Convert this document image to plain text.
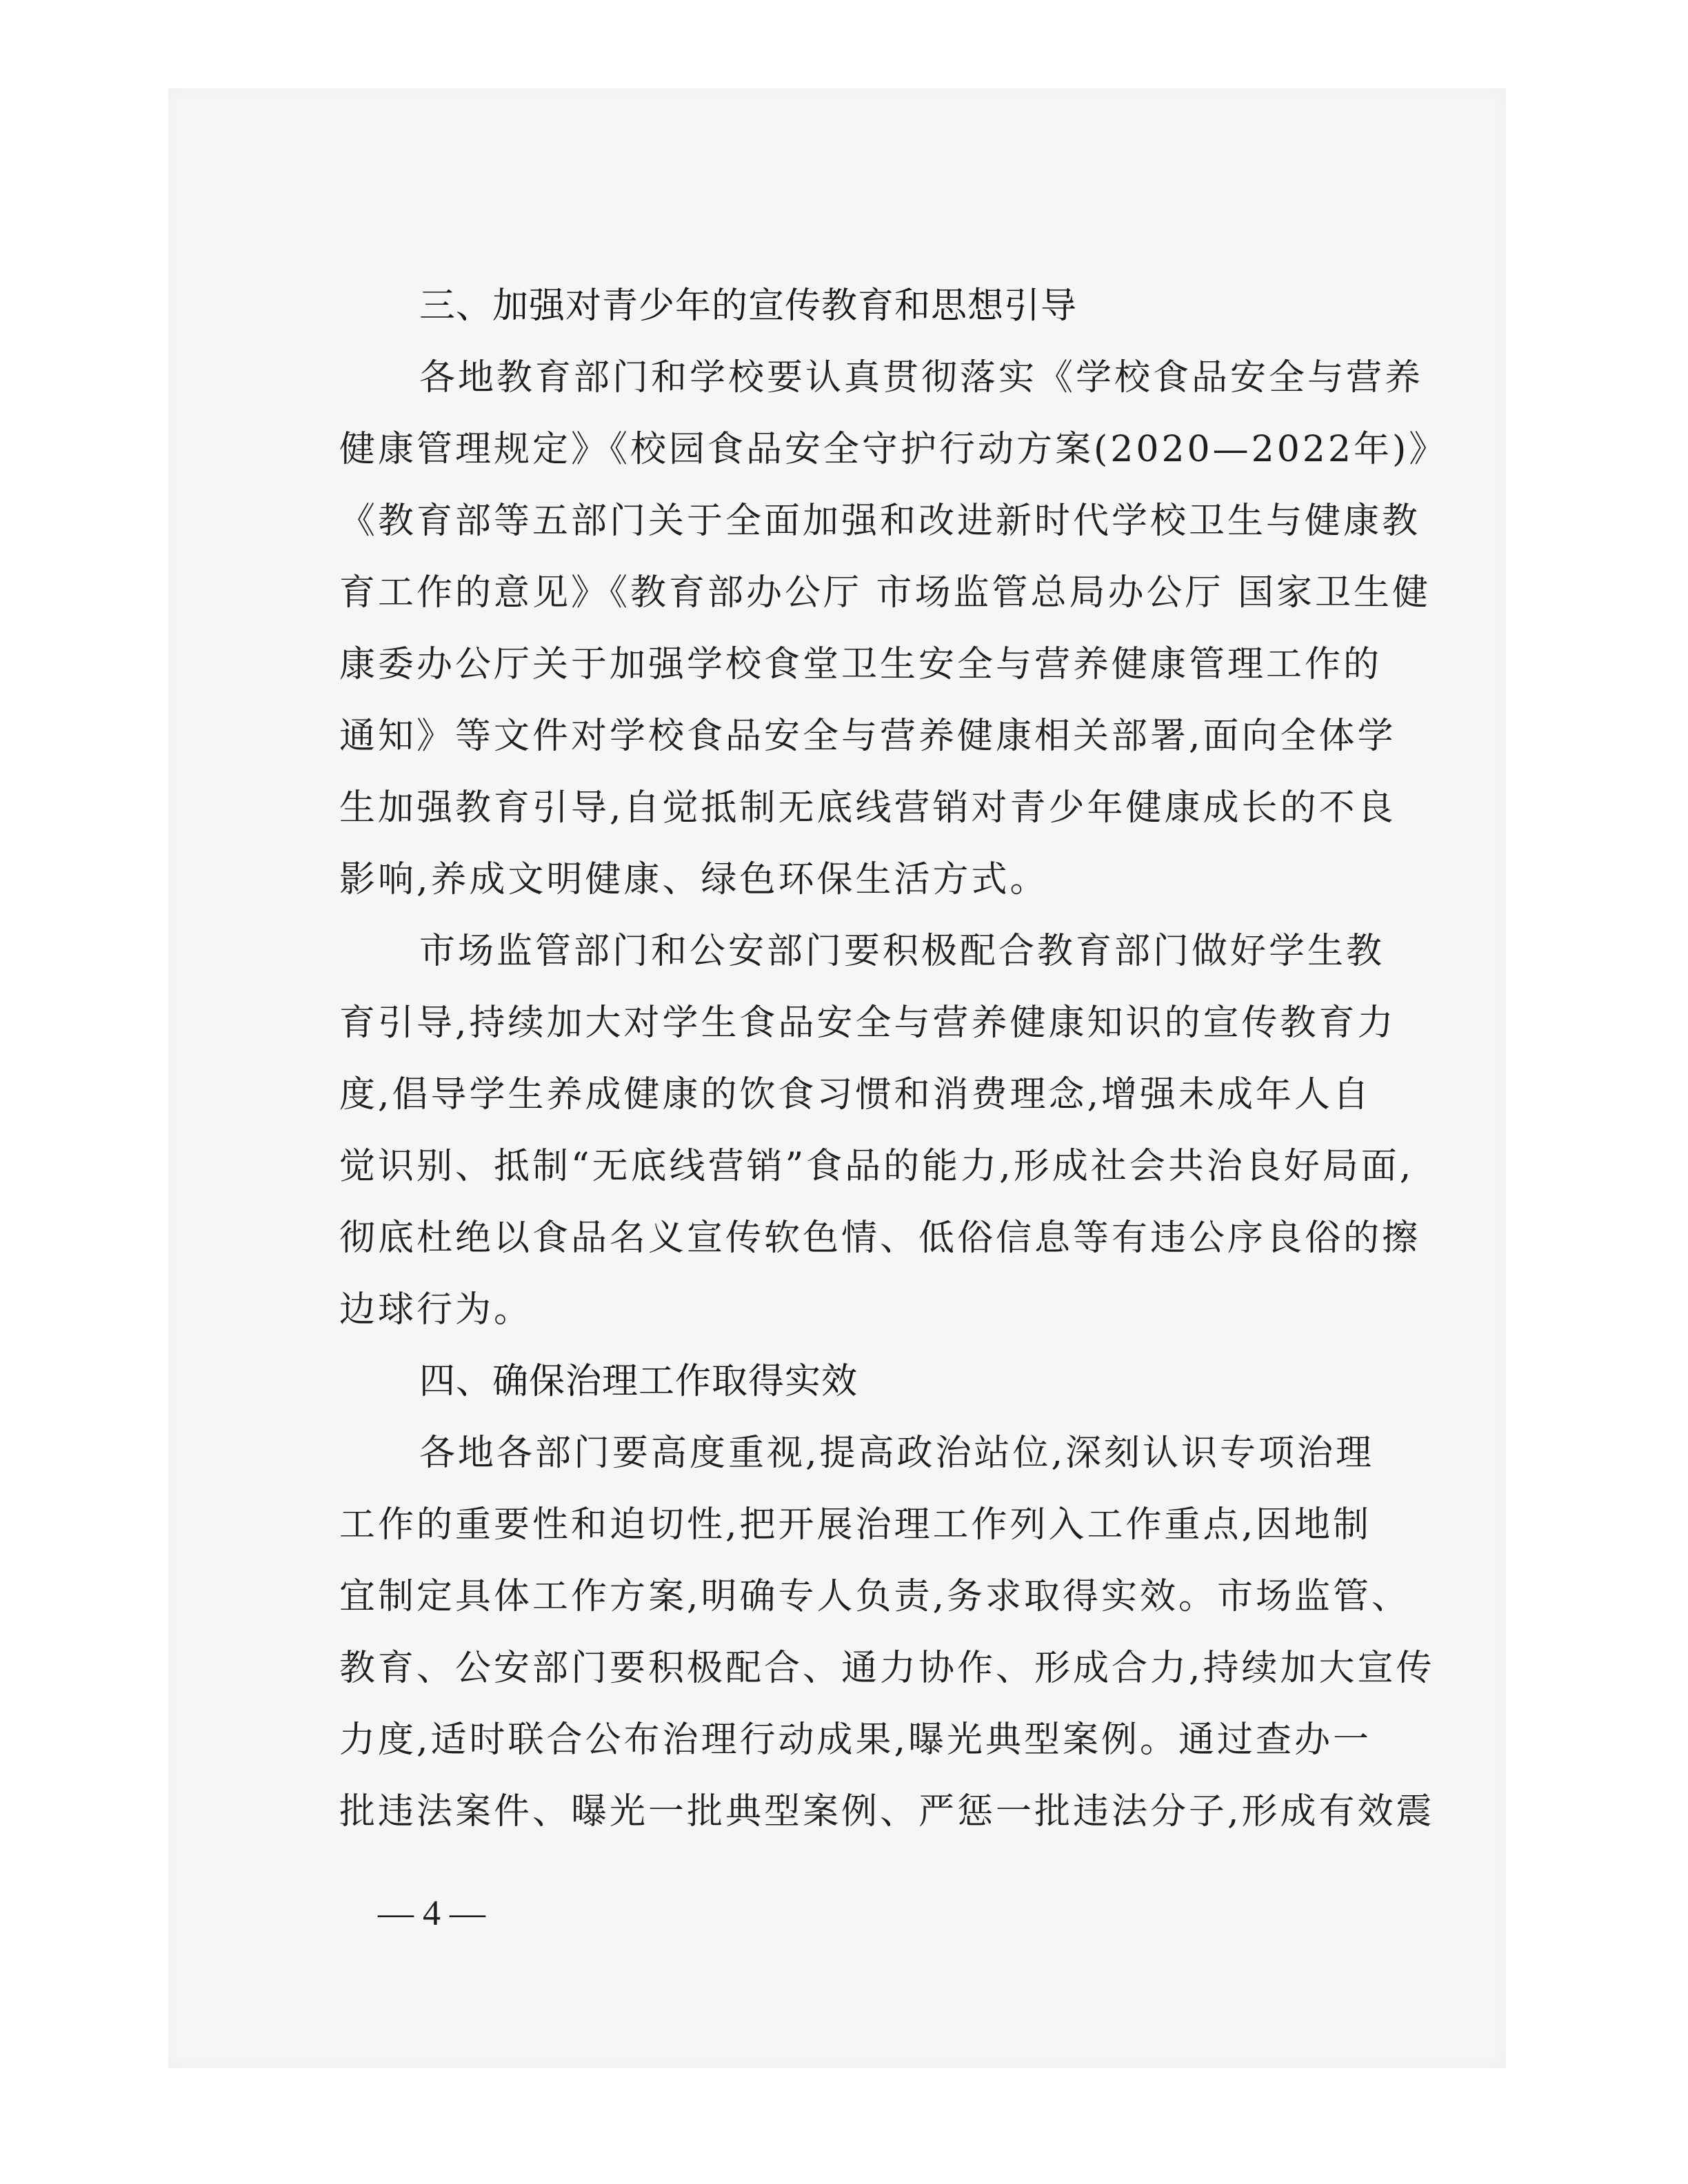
三、加强对青少年的宣传教育和思想引导
各地教育部门和学校要认真贯彻落实《学校食品安全与营养
健康管理规定》《校园食品安全守护行动方案(2020—2022年)》
《教育部等五部门关于全面加强和改进新时代学校卫生与健康教
育工作的意见》《教育部办公厅 市场监管总局办公厅 国家卫生健
康委办公厅关于加强学校食堂卫生安全与营养健康管理工作的
通知》等文件对学校食品安全与营养健康相关部署,面向全体学
生加强教育引导,自觉抵制无底线营销对青少年健康成长的不良
影响,养成文明健康、绿色环保生活方式。
市场监管部门和公安部门要积极配合教育部门做好学生教
育引导,持续加大对学生食品安全与营养健康知识的宣传教育力
度,倡导学生养成健康的饮食习惯和消费理念,增强未成年人自
觉识别、抵制“无底线营销”食品的能力,形成社会共治良好局面,
彻底杜绝以食品名义宣传软色情、低俗信息等有违公序良俗的擦
边球行为。
四、确保治理工作取得实效
各地各部门要高度重视,提高政治站位,深刻认识专项治理
工作的重要性和迫切性,把开展治理工作列入工作重点,因地制
宜制定具体工作方案,明确专人负责,务求取得实效。市场监管、
教育、公安部门要积极配合、通力协作、形成合力,持续加大宣传
力度,适时联合公布治理行动成果,曝光典型案例。通过查办一
批违法案件、曝光一批典型案例、严惩一批违法分子,形成有效震
— 4 —
